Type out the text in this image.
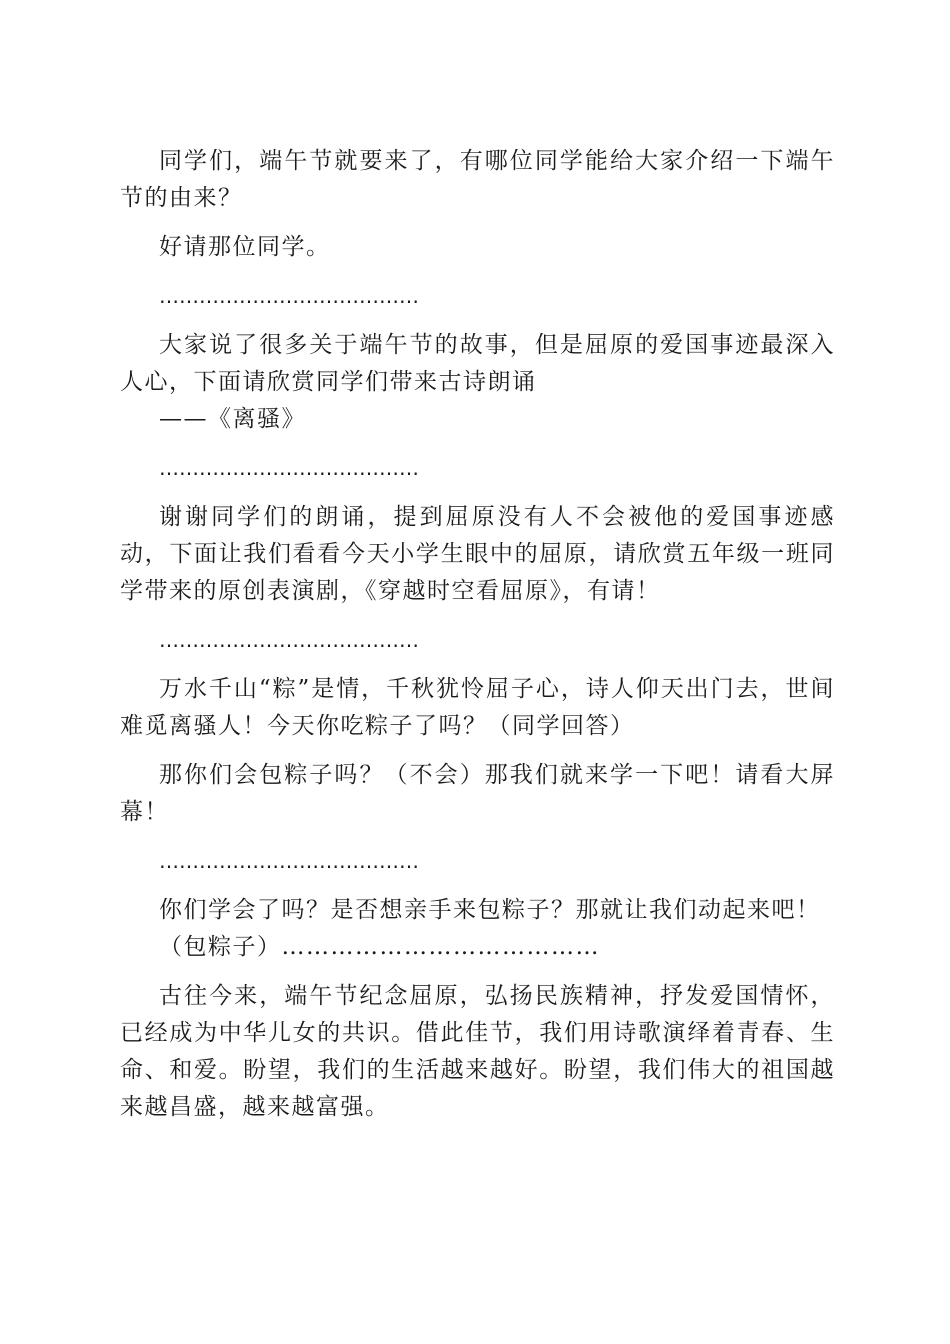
同学们，端午节就要来了，有哪位同学能给大家介绍一下端午节的由来？

好请那位同学。

…………………………………

大家说了很多关于端午节的故事，但是屈原的爱国事迹最深入人心，下面请欣赏同学们带来古诗朗诵

——《离骚》
…………………………………

谢谢同学们的朗诵，提到屈原没有人不会被他的爱国事迹感动，下面让我们看看今天小学生眼中的屈原，请欣赏五年级一班同学带来的原创表演剧，《穿越时空看屈原》，有请！

…………………………………

万水千山“粽”是情，千秋犹怜屈子心，诗人仰天出门去，世间难觅离骚人！今天你吃粽子了吗？（同学回答）

那你们会包粽子吗？（不会）那我们就来学一下吧！请看大屏幕！

…………………………………

你们学会了吗？是否想亲手来包粽子？那就让我们动起来吧！

（包粽子）…………………………………

古往今来，端午节纪念屈原，弘扬民族精神，抒发爱国情怀，已经成为中华儿女的共识。借此佳节，我们用诗歌演绎着青春、生命、和爱。盼望，我们的生活越来越好。盼望，我们伟大的祖国越来越昌盛，越来越富强。
